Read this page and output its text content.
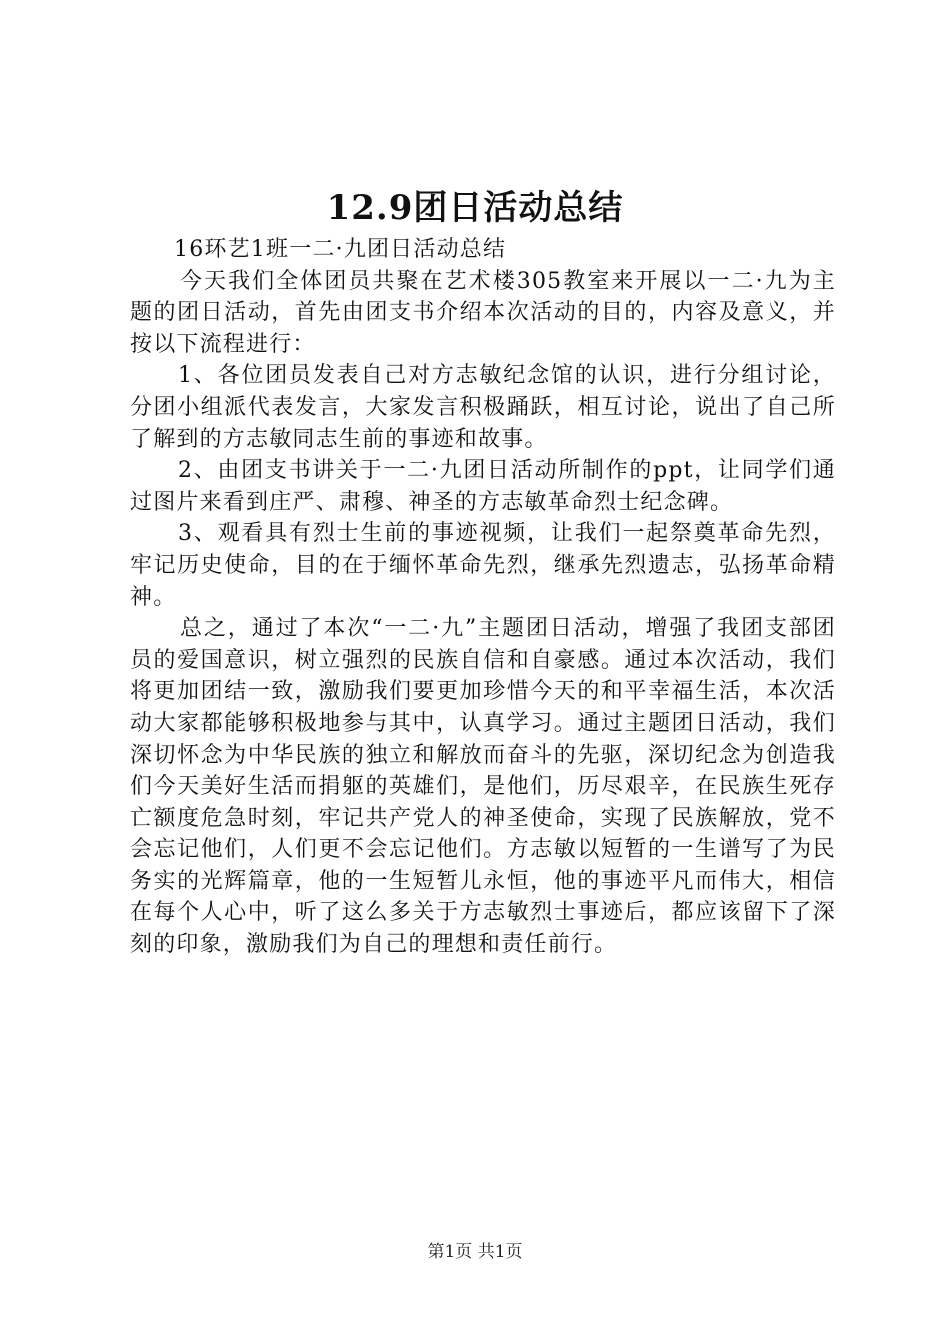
12.9团日活动总结

16环艺1班一二·九团日活动总结

今天我们全体团员共聚在艺术楼305教室来开展以一二·九为主题的团日活动，首先由团支书介绍本次活动的目的，内容及意义，并按以下流程进行：

1、各位团员发表自己对方志敏纪念馆的认识，进行分组讨论，分团小组派代表发言，大家发言积极踊跃，相互讨论，说出了自己所了解到的方志敏同志生前的事迹和故事。

2、由团支书讲关于一二·九团日活动所制作的ppt，让同学们通过图片来看到庄严、肃穆、神圣的方志敏革命烈士纪念碑。

3、观看具有烈士生前的事迹视频，让我们一起祭奠革命先烈，牢记历史使命，目的在于缅怀革命先烈，继承先烈遗志，弘扬革命精神。

总之，通过了本次“一二·九”主题团日活动，增强了我团支部团员的爱国意识，树立强烈的民族自信和自豪感。通过本次活动，我们将更加团结一致，激励我们要更加珍惜今天的和平幸福生活，本次活动大家都能够积极地参与其中，认真学习。通过主题团日活动，我们深切怀念为中华民族的独立和解放而奋斗的先驱，深切纪念为创造我们今天美好生活而捐躯的英雄们，是他们，历尽艰辛，在民族生死存亡额度危急时刻，牢记共产党人的神圣使命，实现了民族解放，党不会忘记他们，人们更不会忘记他们。方志敏以短暂的一生谱写了为民务实的光辉篇章，他的一生短暂儿永恒，他的事迹平凡而伟大，相信在每个人心中，听了这么多关于方志敏烈士事迹后，都应该留下了深刻的印象，激励我们为自己的理想和责任前行。

第1页 共1页
